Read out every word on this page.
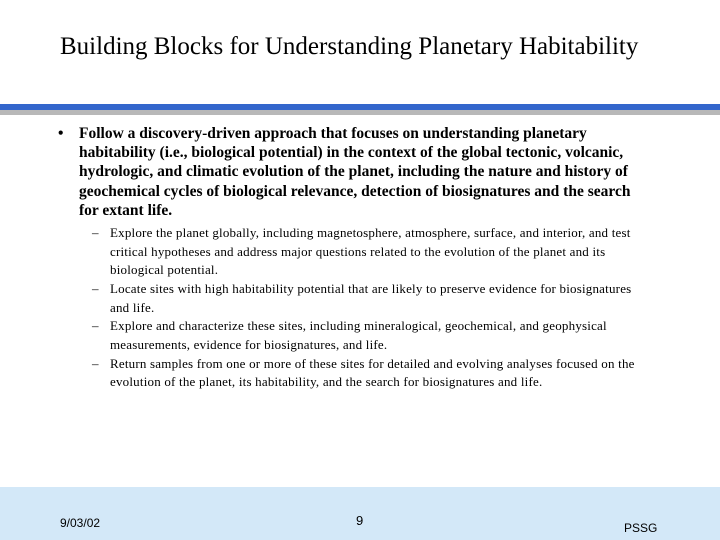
Building Blocks for Understanding Planetary Habitability
• Follow a discovery-driven approach that focuses on understanding planetary habitability (i.e., biological potential) in the context of the global tectonic, volcanic, hydrologic, and climatic evolution of the planet, including the nature and history of geochemical cycles of biological relevance, detection of biosignatures and the search for extant life.
– Explore the planet globally, including magnetosphere, atmosphere, surface, and interior, and test critical hypotheses and address major questions related to the evolution of the planet and its biological potential.
– Locate sites with high habitability potential that are likely to preserve evidence for biosignatures and life.
– Explore and characterize these sites, including mineralogical, geochemical, and geophysical measurements, evidence for biosignatures, and life.
– Return samples from one or more of these sites for detailed and evolving analyses focused on the evolution of the planet, its habitability, and the search for biosignatures and life.
9/03/02	9	PSSG
